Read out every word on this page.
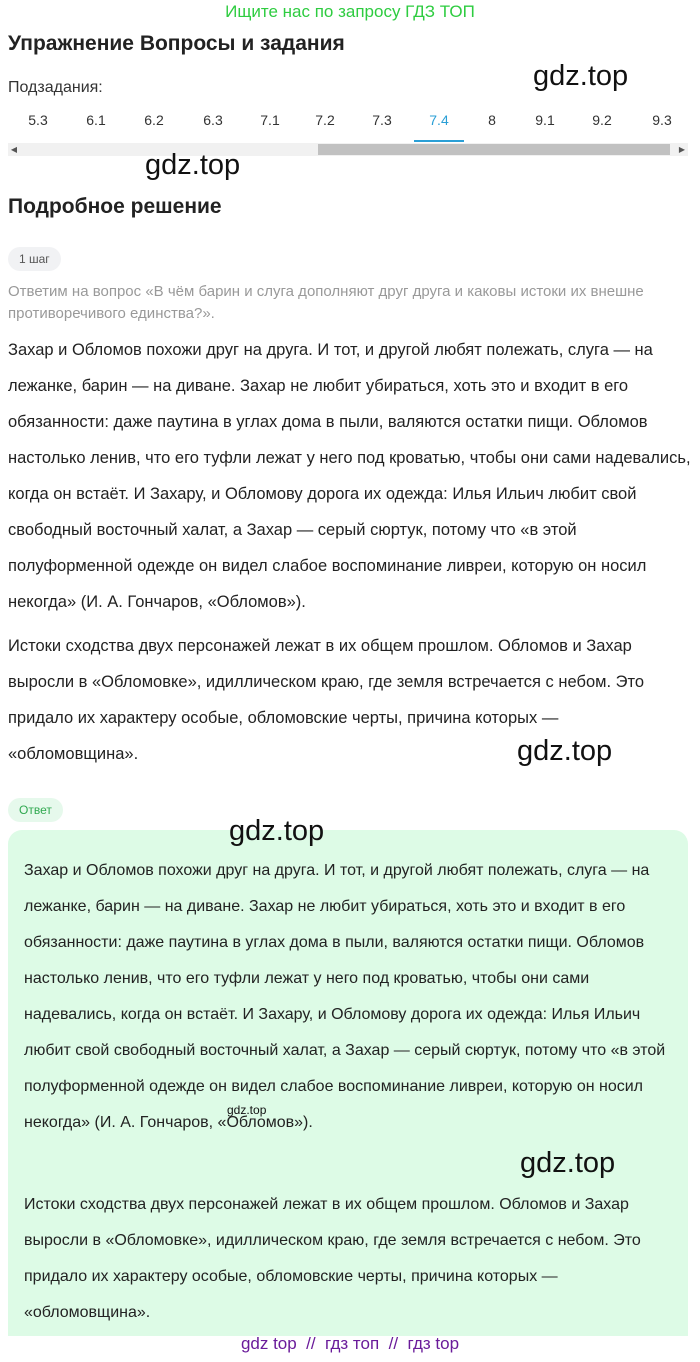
Ищите нас по запросу ГДЗ ТОП
Упражнение Вопросы и задания
Подзадания:
5.3	6.1	6.2	6.3	7.1	7.2	7.3	7.4	8	9.1	9.2	9.3
◀	▶
gdz.top
gdz.top
Подробное решение
1 шаг
Ответим на вопрос «В чём барин и слуга дополняют друг друга и каковы истоки их внешне противоречивого единства?».

Захар и Обломов похожи друг на друга. И тот, и другой любят полежать, слуга — на лежанке, барин — на диване. Захар не любит убираться, хоть это и входит в его обязанности: даже паутина в углах дома в пыли, валяются остатки пищи. Обломов настолько ленив, что его туфли лежат у него под кроватью, чтобы они сами надевались, когда он встаёт. И Захару, и Обломову дорога их одежда: Илья Ильич любит свой свободный восточный халат, а Захар — серый сюртук, потому что «в этой полуформенной одежде он видел слабое воспоминание ливреи, которую он носил некогда» (И. А. Гончаров, «Обломов»).

Истоки сходства двух персонажей лежат в их общем прошлом. Обломов и Захар выросли в «Обломовке», идиллическом краю, где земля встречается с небом. Это придало их характеру особые, обломовские черты, причина которых — «обломовщина».	gdz.top
Ответ
gdz.top

Захар и Обломов похожи друг на друга. И тот, и другой любят полежать, слуга — на лежанке, барин — на диване. Захар не любит убираться, хоть это и входит в его обязанности: даже паутина в углах дома в пыли, валяются остатки пищи. Обломов настолько ленив, что его туфли лежат у него под кроватью, чтобы они сами надевались, когда он встаёт. И Захару, и Обломову дорога их одежда: Илья Ильич любит свой свободный восточный халат, а Захар — серый сюртук, потому что «в этой полуформенной одежде он видел слабое воспоминание ливреи, которую он носил некогда» (И. А. Гончаров, «Обломов»).

Истоки сходства двух персонажей лежат в их общем прошлом. Обломов и Захар выросли в «Обломовке», идиллическом краю, где земля встречается с небом. Это придало их характеру особые, обломовские черты, причина которых — «обломовщина».

gdz.top
gdz.top
gdz top  //  гдз топ  //  гдз top
